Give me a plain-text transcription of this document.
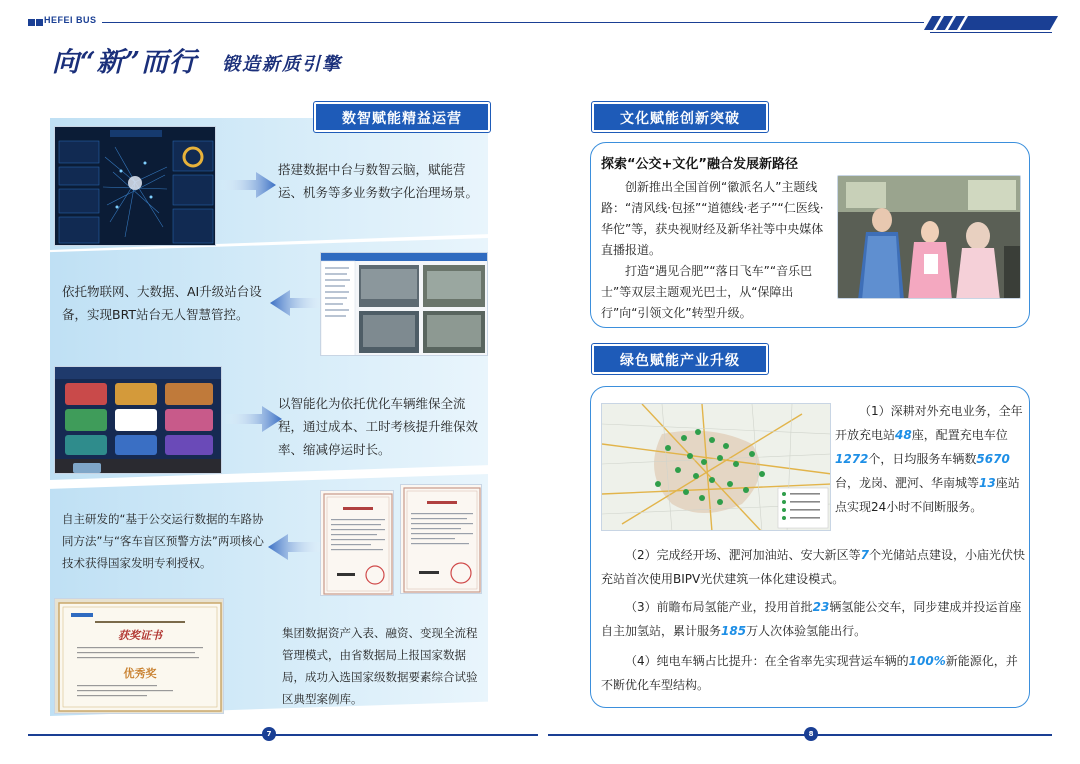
HEFEI BUS
向“新”而行 锻造新质引擎
数智赋能精益运营
搭建数据中台与数智云脑，赋能营运、机务等多业务数字化治理场景。
依托物联网、大数据、AI升级站台设备，实现BRT站台无人智慧管控。
以智能化为依托优化车辆维保全流程，通过成本、工时考核提升维保效率、缩减停运时长。
自主研发的“基于公交运行数据的车路协同方法”与“客车盲区预警方法”两项核心技术获得国家发明专利授权。
获奖证书
优秀奖
集团数据资产入表、融资、变现全流程管理模式，由省数据局上报国家数据局，成功入选国家级数据要素综合试验区典型案例库。
文化赋能创新突破
探索“公交+文化”融合发展新路径
创新推出全国首例“徽派名人”主题线路：“清风线·包拯”“道德线·老子”“仁医线·华佗”等，获央视财经及新华社等中央媒体直播报道。
打造“遇见合肥”“落日飞车”“音乐巴士”等双层主题观光巴士，从“保障出行”向“引领文化”转型升级。
绿色赋能产业升级
（1）深耕对外充电业务，全年开放充电站48座，配置充电车位1272个，日均服务车辆数5670台，龙岗、淝河、华南城等13座站点实现24小时不间断服务。
（2）完成经开场、淝河加油站、安大新区等7个光储站点建设，小庙光伏快充站首次使用BIPV光伏建筑一体化建设模式。
（3）前瞻布局氢能产业，投用首批23辆氢能公交车，同步建成并投运首座自主加氢站，累计服务185万人次体验氢能出行。
（4）纯电车辆占比提升：在全省率先实现营运车辆的100%新能源化，并不断优化车型结构。
7	8
